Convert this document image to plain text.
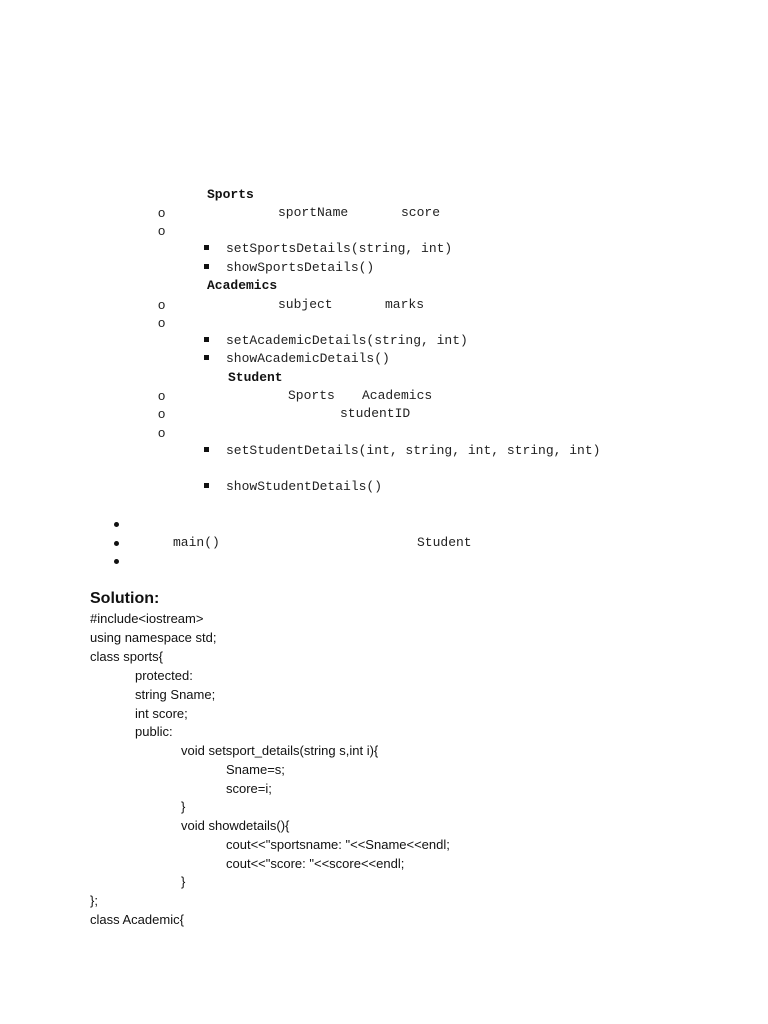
Sports
o	sportName	score
o
setSportsDetails(string, int)
showSportsDetails()
Academics
o	subject	marks
o
setAcademicDetails(string, int)
showAcademicDetails()
Student
o	Sports Academics
o	studentID
o
setStudentDetails(int, string, int, string, int)
showStudentDetails()
main()	Student
Solution:
#include<iostream>
using namespace std;
class sports{
protected:
string Sname;
int score;
public:
void setsport_details(string s,int i){
Sname=s;
score=i;
}
void showdetails(){
cout<<"sportsname: "<<Sname<<endl;
cout<<"score: "<<score<<endl;
}
};
class Academic{
